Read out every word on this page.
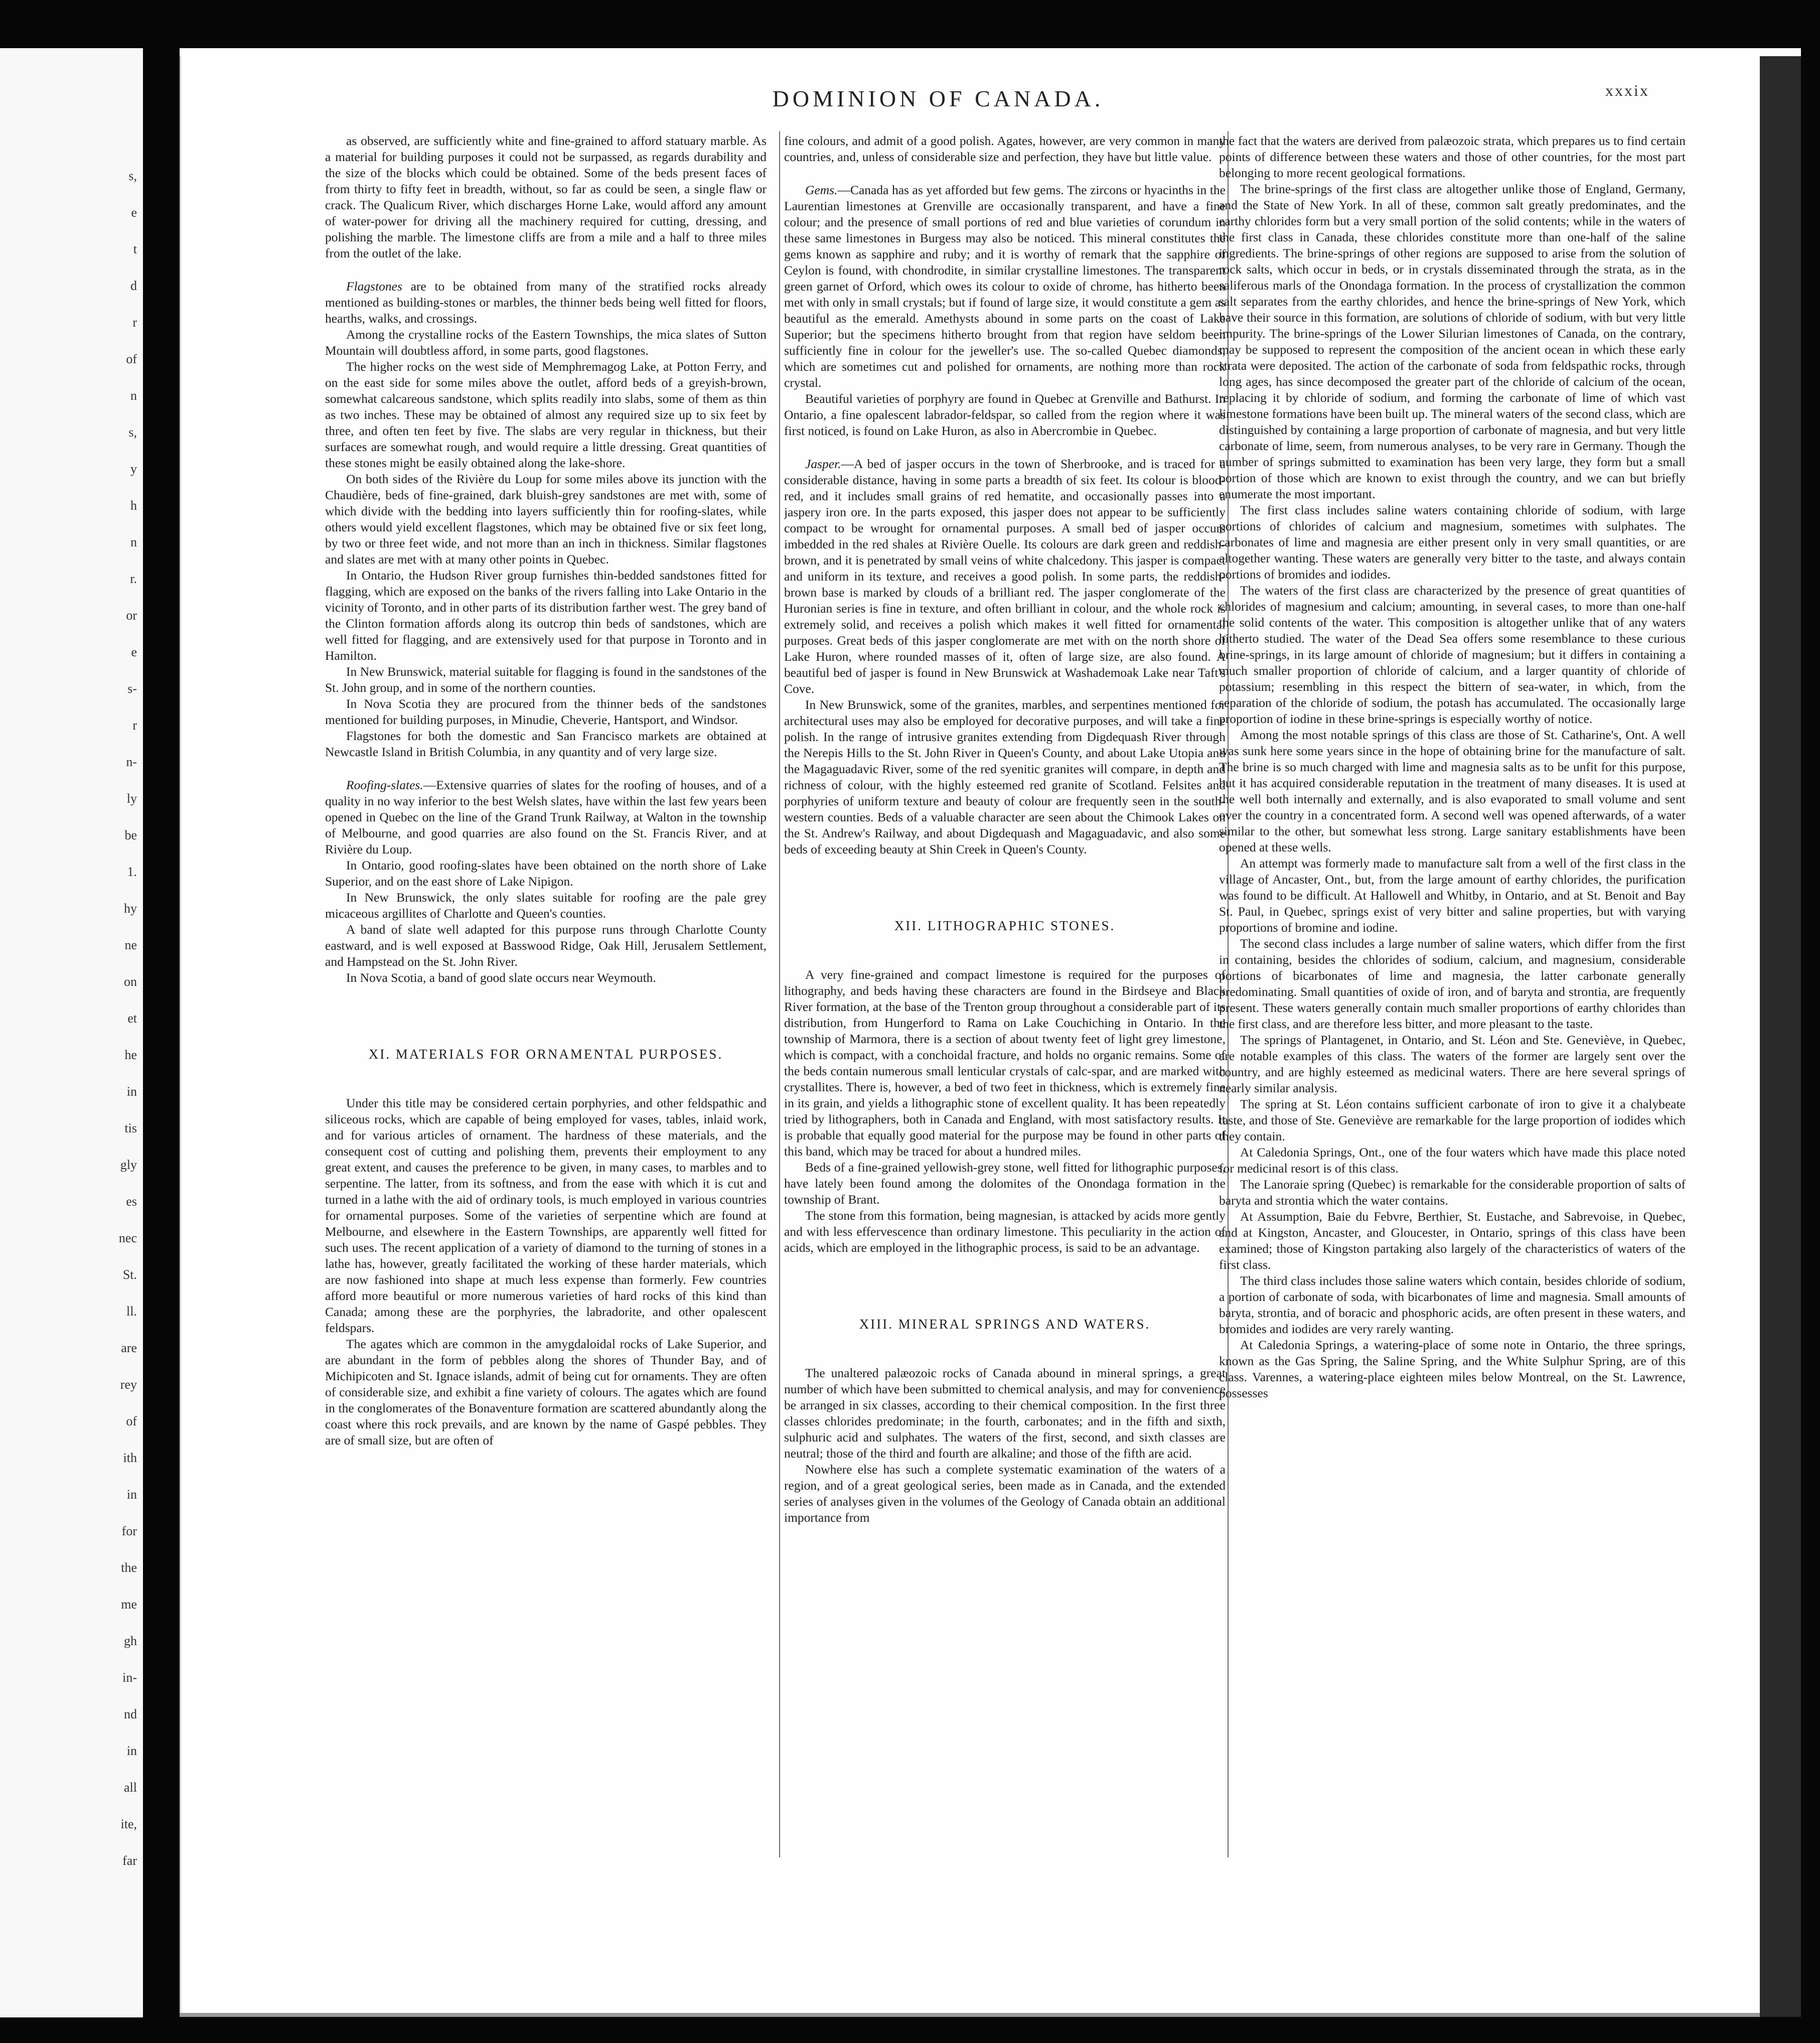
s,
e
t
d
r
of
n
s,
y
h
n
r.
or
e
s-
r
n-
ly
be
1.
hy
ne
on
et
he
in
tis
gly
es
nec
St.
ll.
are
rey
of
ith
in
for
the
me
gh
in-
nd
in
all
ite,
far
DOMINION OF CANADA.	xxxix

as observed, are sufficiently white and fine-grained to afford statuary marble. As a material for building purposes it could not be surpassed, as regards durability and the size of the blocks which could be obtained. Some of the beds present faces of from thirty to fifty feet in breadth, without, so far as could be seen, a single flaw or crack. The Qualicum River, which discharges Horne Lake, would afford any amount of water-power for driving all the machinery required for cutting, dressing, and polishing the marble. The limestone cliffs are from a mile and a half to three miles from the outlet of the lake.

Flagstones are to be obtained from many of the stratified rocks already mentioned as building-stones or marbles, the thinner beds being well fitted for floors, hearths, walks, and crossings.

Among the crystalline rocks of the Eastern Townships, the mica slates of Sutton Mountain will doubtless afford, in some parts, good flagstones.

The higher rocks on the west side of Memphremagog Lake, at Potton Ferry, and on the east side for some miles above the outlet, afford beds of a greyish-brown, somewhat calcareous sandstone, which splits readily into slabs, some of them as thin as two inches. These may be obtained of almost any required size up to six feet by three, and often ten feet by five. The slabs are very regular in thickness, but their surfaces are somewhat rough, and would require a little dressing. Great quantities of these stones might be easily obtained along the lake-shore.

On both sides of the Rivière du Loup for some miles above its junction with the Chaudière, beds of fine-grained, dark bluish-grey sandstones are met with, some of which divide with the bedding into layers sufficiently thin for roofing-slates, while others would yield excellent flagstones, which may be obtained five or six feet long, by two or three feet wide, and not more than an inch in thickness. Similar flagstones and slates are met with at many other points in Quebec.

In Ontario, the Hudson River group furnishes thin-bedded sandstones fitted for flagging, which are exposed on the banks of the rivers falling into Lake Ontario in the vicinity of Toronto, and in other parts of its distribution farther west. The grey band of the Clinton formation affords along its outcrop thin beds of sandstones, which are well fitted for flagging, and are extensively used for that purpose in Toronto and in Hamilton.

In New Brunswick, material suitable for flagging is found in the sandstones of the St. John group, and in some of the northern counties.

In Nova Scotia they are procured from the thinner beds of the sandstones mentioned for building purposes, in Minudie, Cheverie, Hantsport, and Windsor.

Flagstones for both the domestic and San Francisco markets are obtained at Newcastle Island in British Columbia, in any quantity and of very large size.

Roofing-slates.—Extensive quarries of slates for the roofing of houses, and of a quality in no way inferior to the best Welsh slates, have within the last few years been opened in Quebec on the line of the Grand Trunk Railway, at Walton in the township of Melbourne, and good quarries are also found on the St. Francis River, and at Rivière du Loup.

In Ontario, good roofing-slates have been obtained on the north shore of Lake Superior, and on the east shore of Lake Nipigon.

In New Brunswick, the only slates suitable for roofing are the pale grey micaceous argillites of Charlotte and Queen's counties.

A band of slate well adapted for this purpose runs through Charlotte County eastward, and is well exposed at Basswood Ridge, Oak Hill, Jerusalem Settlement, and Hampstead on the St. John River.

In Nova Scotia, a band of good slate occurs near Weymouth.

XI. MATERIALS FOR ORNAMENTAL PURPOSES.

Under this title may be considered certain porphyries, and other feldspathic and siliceous rocks, which are capable of being employed for vases, tables, inlaid work, and for various articles of ornament. The hardness of these materials, and the consequent cost of cutting and polishing them, prevents their employment to any great extent, and causes the preference to be given, in many cases, to marbles and to serpentine. The latter, from its softness, and from the ease with which it is cut and turned in a lathe with the aid of ordinary tools, is much employed in various countries for ornamental purposes. Some of the varieties of serpentine which are found at Melbourne, and elsewhere in the Eastern Townships, are apparently well fitted for such uses. The recent application of a variety of diamond to the turning of stones in a lathe has, however, greatly facilitated the working of these harder materials, which are now fashioned into shape at much less expense than formerly. Few countries afford more beautiful or more numerous varieties of hard rocks of this kind than Canada; among these are the porphyries, the labradorite, and other opalescent feldspars.

The agates which are common in the amygdaloidal rocks of Lake Superior, and are abundant in the form of pebbles along the shores of Thunder Bay, and of Michipicoten and St. Ignace islands, admit of being cut for ornaments. They are often of considerable size, and exhibit a fine variety of colours. The agates which are found in the conglomerates of the Bonaventure formation are scattered abundantly along the coast where this rock prevails, and are known by the name of Gaspé pebbles. They are of small size, but are often of

fine colours, and admit of a good polish. Agates, however, are very common in many countries, and, unless of considerable size and perfection, they have but little value.

Gems.—Canada has as yet afforded but few gems. The zircons or hyacinths in the Laurentian limestones at Grenville are occasionally transparent, and have a fine colour; and the presence of small portions of red and blue varieties of corundum in these same limestones in Burgess may also be noticed. This mineral constitutes the gems known as sapphire and ruby; and it is worthy of remark that the sapphire of Ceylon is found, with chondrodite, in similar crystalline limestones. The transparent green garnet of Orford, which owes its colour to oxide of chrome, has hitherto been met with only in small crystals; but if found of large size, it would constitute a gem as beautiful as the emerald. Amethysts abound in some parts on the coast of Lake Superior; but the specimens hitherto brought from that region have seldom been sufficiently fine in colour for the jeweller's use. The so-called Quebec diamonds, which are sometimes cut and polished for ornaments, are nothing more than rock crystal.

Beautiful varieties of porphyry are found in Quebec at Grenville and Bathurst. In Ontario, a fine opalescent labrador-feldspar, so called from the region where it was first noticed, is found on Lake Huron, as also in Abercrombie in Quebec.

Jasper.—A bed of jasper occurs in the town of Sherbrooke, and is traced for a considerable distance, having in some parts a breadth of six feet. Its colour is blood-red, and it includes small grains of red hematite, and occasionally passes into a jaspery iron ore. In the parts exposed, this jasper does not appear to be sufficiently compact to be wrought for ornamental purposes. A small bed of jasper occurs imbedded in the red shales at Rivière Ouelle. Its colours are dark green and reddish-brown, and it is penetrated by small veins of white chalcedony. This jasper is compact and uniform in its texture, and receives a good polish. In some parts, the reddish-brown base is marked by clouds of a brilliant red. The jasper conglomerate of the Huronian series is fine in texture, and often brilliant in colour, and the whole rock is extremely solid, and receives a polish which makes it well fitted for ornamental purposes. Great beds of this jasper conglomerate are met with on the north shore of Lake Huron, where rounded masses of it, often of large size, are also found. A beautiful bed of jasper is found in New Brunswick at Washademoak Lake near Taft's Cove.

In New Brunswick, some of the granites, marbles, and serpentines mentioned for architectural uses may also be employed for decorative purposes, and will take a fine polish. In the range of intrusive granites extending from Digdequash River through the Nerepis Hills to the St. John River in Queen's County, and about Lake Utopia and the Magaguadavic River, some of the red syenitic granites will compare, in depth and richness of colour, with the highly esteemed red granite of Scotland. Felsites and porphyries of uniform texture and beauty of colour are frequently seen in the south-western counties. Beds of a valuable character are seen about the Chimook Lakes on the St. Andrew's Railway, and about Digdequash and Magaguadavic, and also some beds of exceeding beauty at Shin Creek in Queen's County.

XII. LITHOGRAPHIC STONES.

A very fine-grained and compact limestone is required for the purposes of lithography, and beds having these characters are found in the Birdseye and Black River formation, at the base of the Trenton group throughout a considerable part of its distribution, from Hungerford to Rama on Lake Couchiching in Ontario. In the township of Marmora, there is a section of about twenty feet of light grey limestone, which is compact, with a conchoidal fracture, and holds no organic remains. Some of the beds contain numerous small lenticular crystals of calc-spar, and are marked with crystallites. There is, however, a bed of two feet in thickness, which is extremely fine in its grain, and yields a lithographic stone of excellent quality. It has been repeatedly tried by lithographers, both in Canada and England, with most satisfactory results. It is probable that equally good material for the purpose may be found in other parts of this band, which may be traced for about a hundred miles.

Beds of a fine-grained yellowish-grey stone, well fitted for lithographic purposes, have lately been found among the dolomites of the Onondaga formation in the township of Brant.

The stone from this formation, being magnesian, is attacked by acids more gently and with less effervescence than ordinary limestone. This peculiarity in the action of acids, which are employed in the lithographic process, is said to be an advantage.

XIII. MINERAL SPRINGS AND WATERS.

The unaltered palæozoic rocks of Canada abound in mineral springs, a great number of which have been submitted to chemical analysis, and may for convenience be arranged in six classes, according to their chemical composition. In the first three classes chlorides predominate; in the fourth, carbonates; and in the fifth and sixth, sulphuric acid and sulphates. The waters of the first, second, and sixth classes are neutral; those of the third and fourth are alkaline; and those of the fifth are acid.

Nowhere else has such a complete systematic examination of the waters of a region, and of a great geological series, been made as in Canada, and the extended series of analyses given in the volumes of the Geology of Canada obtain an additional importance from

the fact that the waters are derived from palæozoic strata, which prepares us to find certain points of difference between these waters and those of other countries, for the most part belonging to more recent geological formations.

The brine-springs of the first class are altogether unlike those of England, Germany, and the State of New York. In all of these, common salt greatly predominates, and the earthy chlorides form but a very small portion of the solid contents; while in the waters of the first class in Canada, these chlorides constitute more than one-half of the saline ingredients. The brine-springs of other regions are supposed to arise from the solution of rock salts, which occur in beds, or in crystals disseminated through the strata, as in the saliferous marls of the Onondaga formation. In the process of crystallization the common salt separates from the earthy chlorides, and hence the brine-springs of New York, which have their source in this formation, are solutions of chloride of sodium, with but very little impurity. The brine-springs of the Lower Silurian limestones of Canada, on the contrary, may be supposed to represent the composition of the ancient ocean in which these early strata were deposited. The action of the carbonate of soda from feldspathic rocks, through long ages, has since decomposed the greater part of the chloride of calcium of the ocean, replacing it by chloride of sodium, and forming the carbonate of lime of which vast limestone formations have been built up. The mineral waters of the second class, which are distinguished by containing a large proportion of carbonate of magnesia, and but very little carbonate of lime, seem, from numerous analyses, to be very rare in Germany. Though the number of springs submitted to examination has been very large, they form but a small portion of those which are known to exist through the country, and we can but briefly enumerate the most important.

The first class includes saline waters containing chloride of sodium, with large portions of chlorides of calcium and magnesium, sometimes with sulphates. The carbonates of lime and magnesia are either present only in very small quantities, or are altogether wanting. These waters are generally very bitter to the taste, and always contain portions of bromides and iodides.

The waters of the first class are characterized by the presence of great quantities of chlorides of magnesium and calcium; amounting, in several cases, to more than one-half the solid contents of the water. This composition is altogether unlike that of any waters hitherto studied. The water of the Dead Sea offers some resemblance to these curious brine-springs, in its large amount of chloride of magnesium; but it differs in containing a much smaller proportion of chloride of calcium, and a larger quantity of chloride of potassium; resembling in this respect the bittern of sea-water, in which, from the separation of the chloride of sodium, the potash has accumulated. The occasionally large proportion of iodine in these brine-springs is especially worthy of notice.

Among the most notable springs of this class are those of St. Catharine's, Ont. A well was sunk here some years since in the hope of obtaining brine for the manufacture of salt. The brine is so much charged with lime and magnesia salts as to be unfit for this purpose, but it has acquired considerable reputation in the treatment of many diseases. It is used at the well both internally and externally, and is also evaporated to small volume and sent over the country in a concentrated form. A second well was opened afterwards, of a water similar to the other, but somewhat less strong. Large sanitary establishments have been opened at these wells.

An attempt was formerly made to manufacture salt from a well of the first class in the village of Ancaster, Ont., but, from the large amount of earthy chlorides, the purification was found to be difficult. At Hallowell and Whitby, in Ontario, and at St. Benoit and Bay St. Paul, in Quebec, springs exist of very bitter and saline properties, but with varying proportions of bromine and iodine.

The second class includes a large number of saline waters, which differ from the first in containing, besides the chlorides of sodium, calcium, and magnesium, considerable portions of bicarbonates of lime and magnesia, the latter carbonate generally predominating. Small quantities of oxide of iron, and of baryta and strontia, are frequently present. These waters generally contain much smaller proportions of earthy chlorides than the first class, and are therefore less bitter, and more pleasant to the taste.

The springs of Plantagenet, in Ontario, and St. Léon and Ste. Geneviève, in Quebec, are notable examples of this class. The waters of the former are largely sent over the country, and are highly esteemed as medicinal waters. There are here several springs of nearly similar analysis.

The spring at St. Léon contains sufficient carbonate of iron to give it a chalybeate taste, and those of Ste. Geneviève are remarkable for the large proportion of iodides which they contain.

At Caledonia Springs, Ont., one of the four waters which have made this place noted for medicinal resort is of this class.

The Lanoraie spring (Quebec) is remarkable for the considerable proportion of salts of baryta and strontia which the water contains.

At Assumption, Baie du Febvre, Berthier, St. Eustache, and Sabrevoise, in Quebec, and at Kingston, Ancaster, and Gloucester, in Ontario, springs of this class have been examined; those of Kingston partaking also largely of the characteristics of waters of the first class.

The third class includes those saline waters which contain, besides chloride of sodium, a portion of carbonate of soda, with bicarbonates of lime and magnesia. Small amounts of baryta, strontia, and of boracic and phosphoric acids, are often present in these waters, and bromides and iodides are very rarely wanting.

At Caledonia Springs, a watering-place of some note in Ontario, the three springs, known as the Gas Spring, the Saline Spring, and the White Sulphur Spring, are of this class. Varennes, a watering-place eighteen miles below Montreal, on the St. Lawrence, possesses
